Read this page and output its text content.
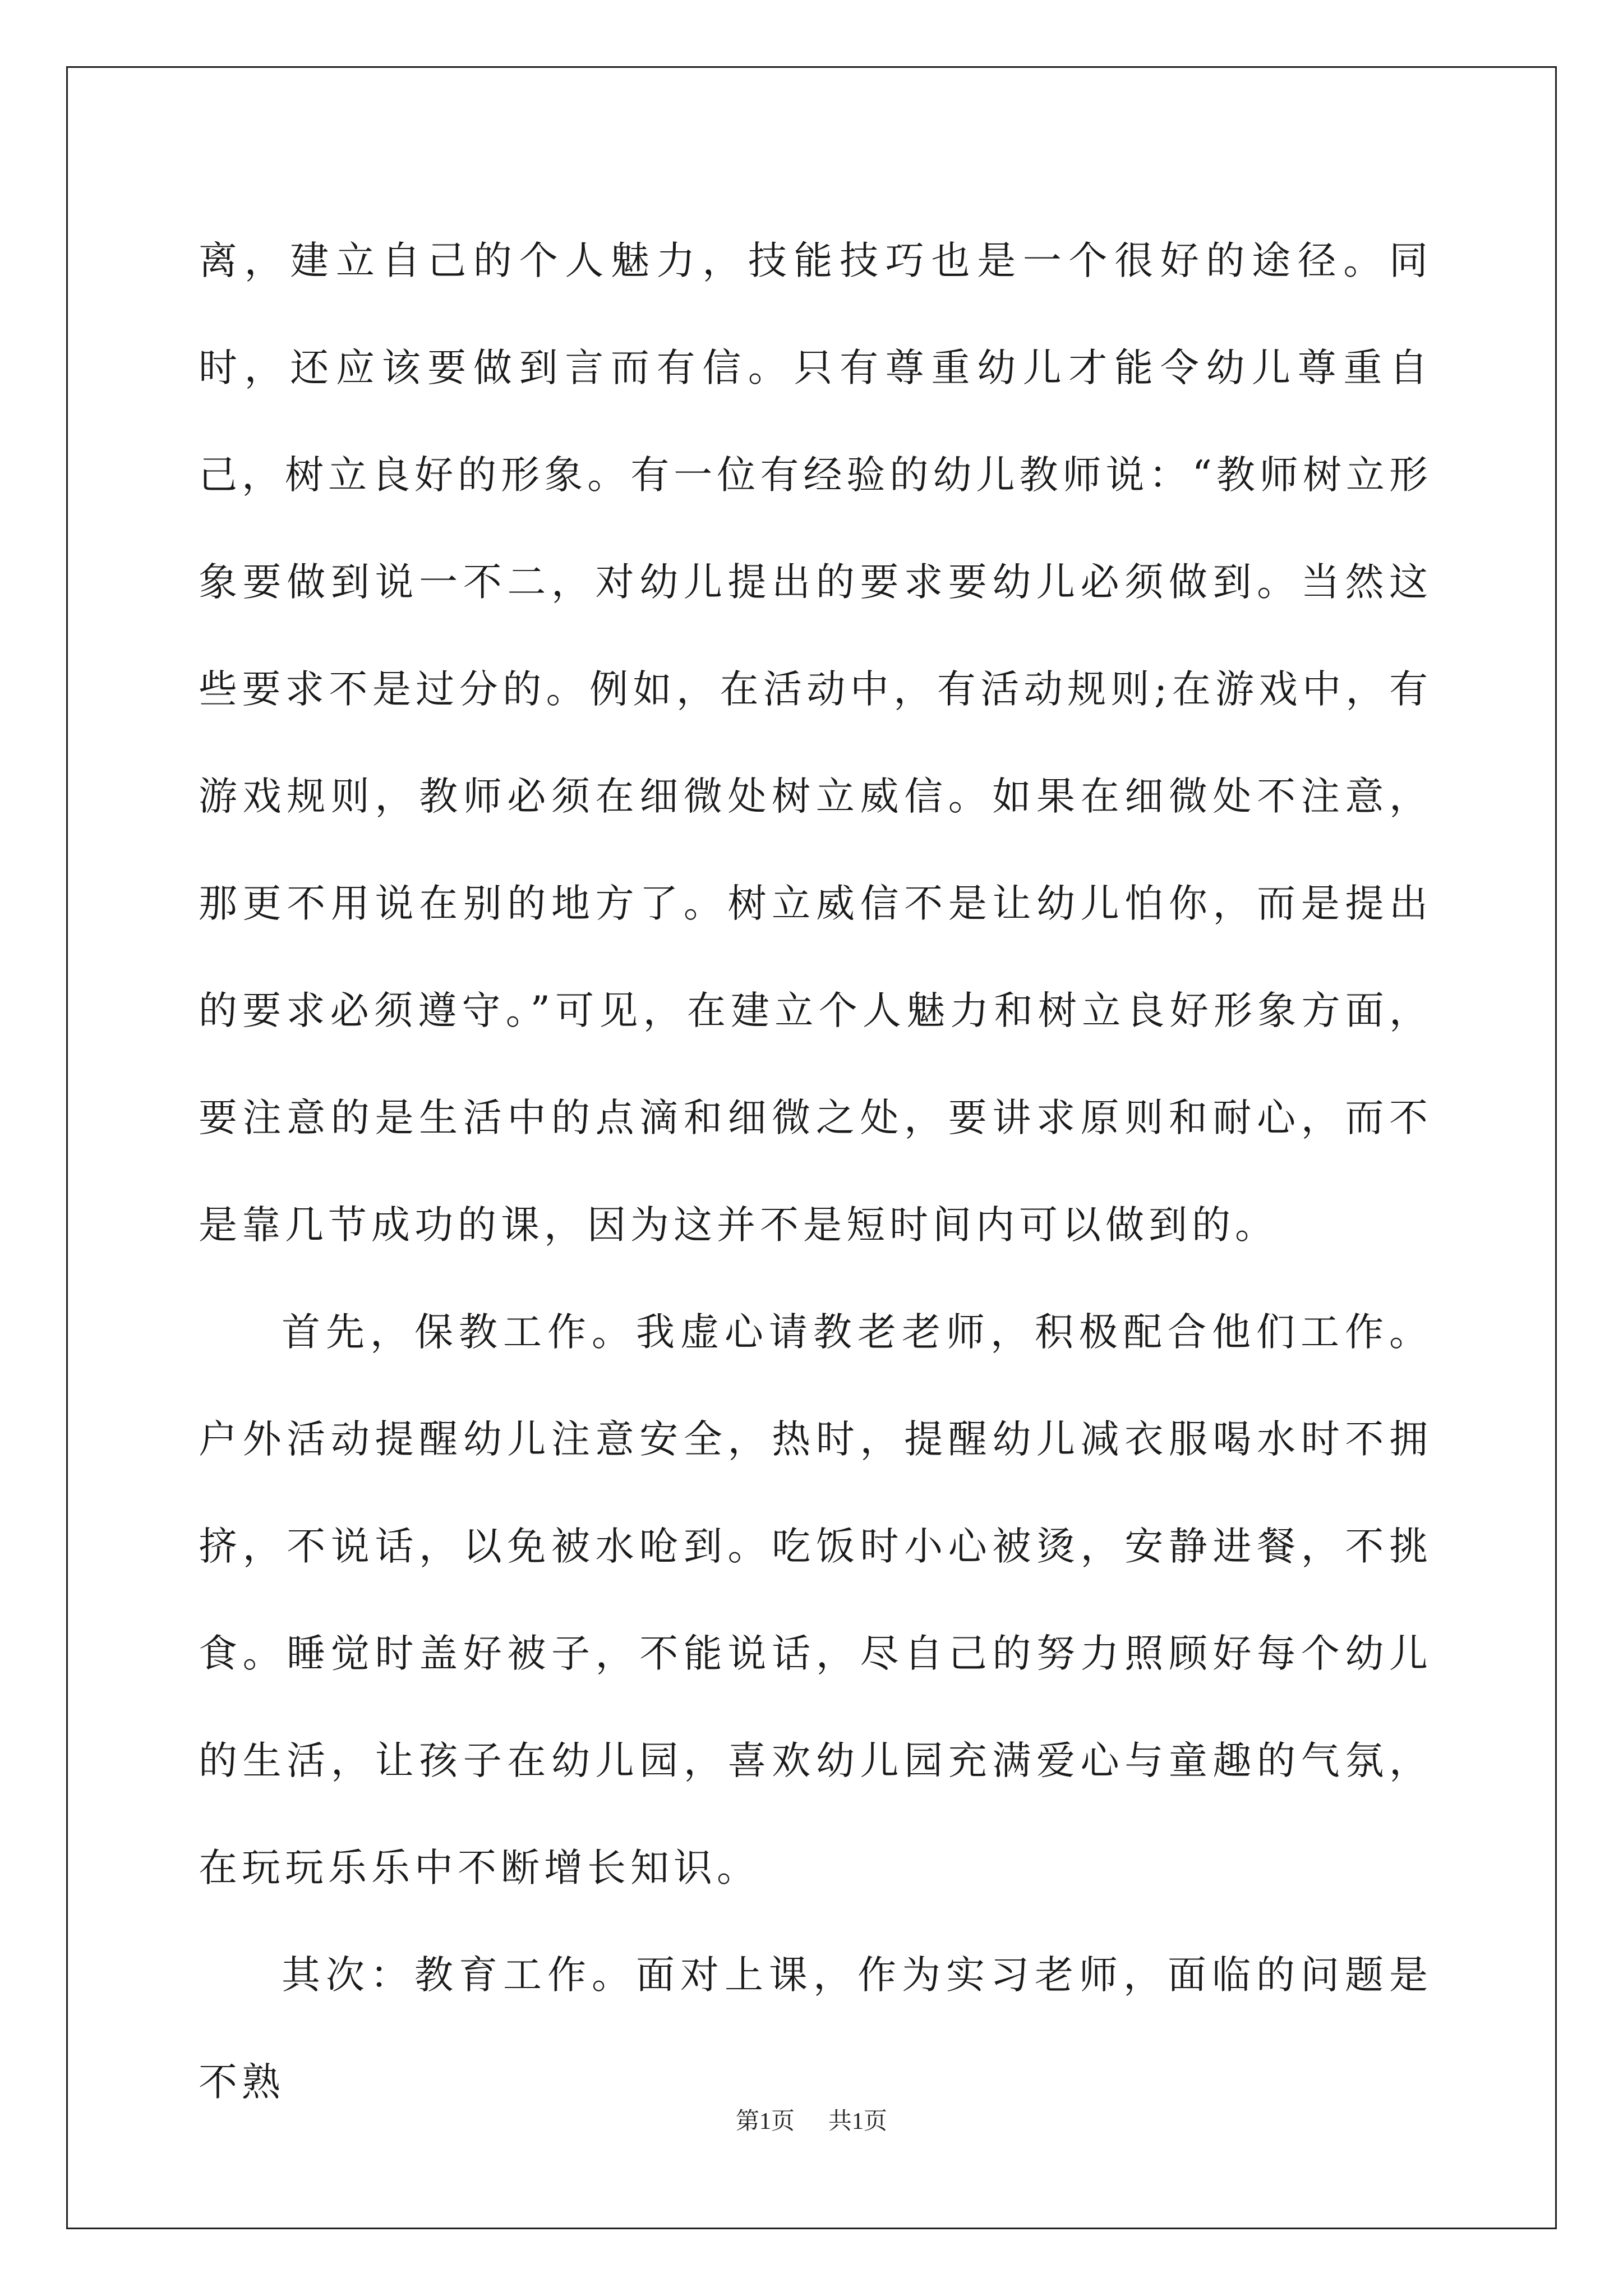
离，建立自己的个人魅力，技能技巧也是一个很好的途径。同时，还应该要做到言而有信。只有尊重幼儿才能令幼儿尊重自己，树立良好的形象。有一位有经验的幼儿教师说：“教师树立形象要做到说一不二，对幼儿提出的要求要幼儿必须做到。当然这些要求不是过分的。例如，在活动中，有活动规则;在游戏中，有游戏规则，教师必须在细微处树立威信。如果在细微处不注意，那更不用说在别的地方了。树立威信不是让幼儿怕你，而是提出的要求必须遵守。”可见，在建立个人魅力和树立良好形象方面，要注意的是生活中的点滴和细微之处，要讲求原则和耐心，而不是靠几节成功的课，因为这并不是短时间内可以做到的。

首先，保教工作。我虚心请教老老师，积极配合他们工作。户外活动提醒幼儿注意安全，热时，提醒幼儿减衣服喝水时不拥挤，不说话，以免被水呛到。吃饭时小心被烫，安静进餐，不挑食。睡觉时盖好被子，不能说话，尽自己的努力照顾好每个幼儿的生活，让孩子在幼儿园，喜欢幼儿园充满爱心与童趣的气氛，在玩玩乐乐中不断增长知识。

其次：教育工作。面对上课，作为实习老师，面临的问题是不熟

第1页 共1页
